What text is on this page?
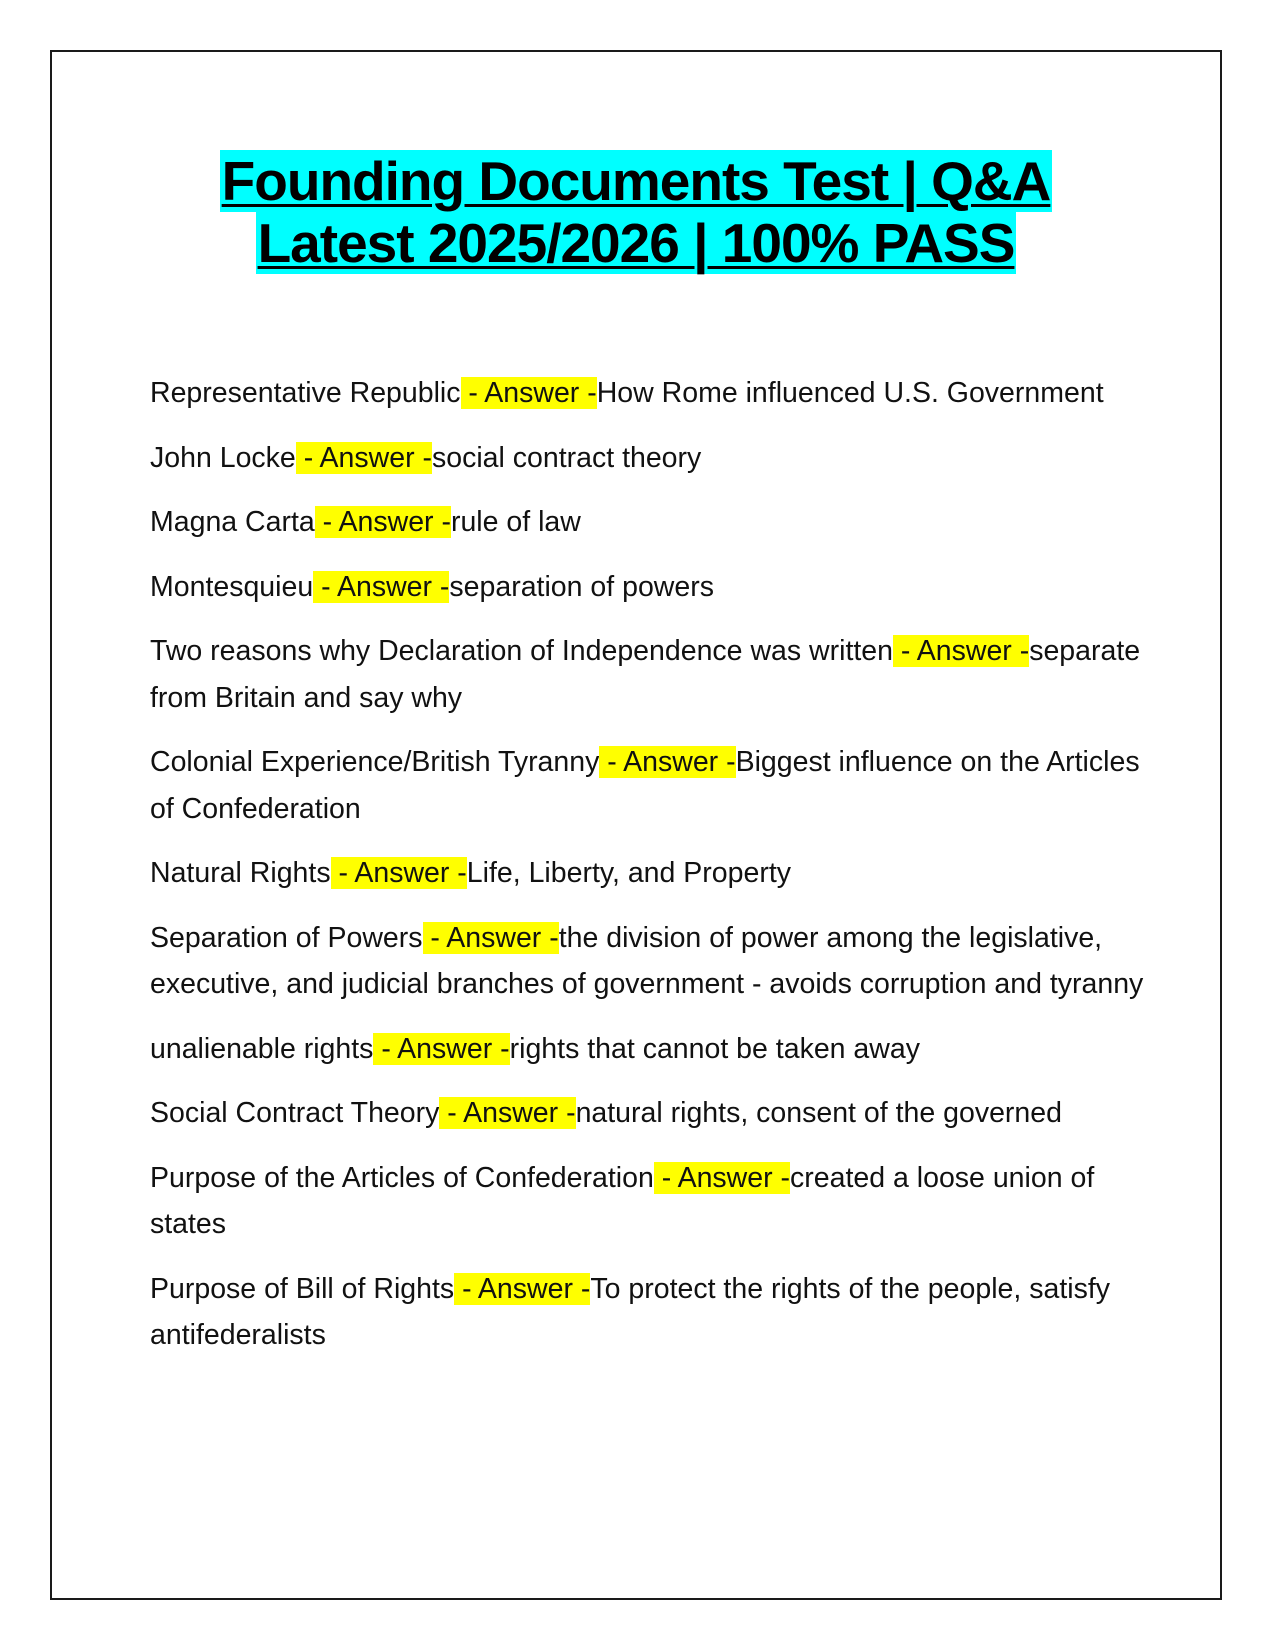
Founding Documents Test | Q&A
Latest 2025/2026 | 100% PASS

Representative Republic - Answer -How Rome influenced U.S. Government

John Locke - Answer -social contract theory

Magna Carta - Answer -rule of law

Montesquieu - Answer -separation of powers

Two reasons why Declaration of Independence was written - Answer -separate from Britain and say why

Colonial Experience/British Tyranny - Answer -Biggest influence on the Articles of Confederation

Natural Rights - Answer -Life, Liberty, and Property

Separation of Powers - Answer -the division of power among the legislative, executive, and judicial branches of government - avoids corruption and tyranny

unalienable rights - Answer -rights that cannot be taken away

Social Contract Theory - Answer -natural rights, consent of the governed

Purpose of the Articles of Confederation - Answer -created a loose union of states

Purpose of Bill of Rights - Answer -To protect the rights of the people, satisfy antifederalists
